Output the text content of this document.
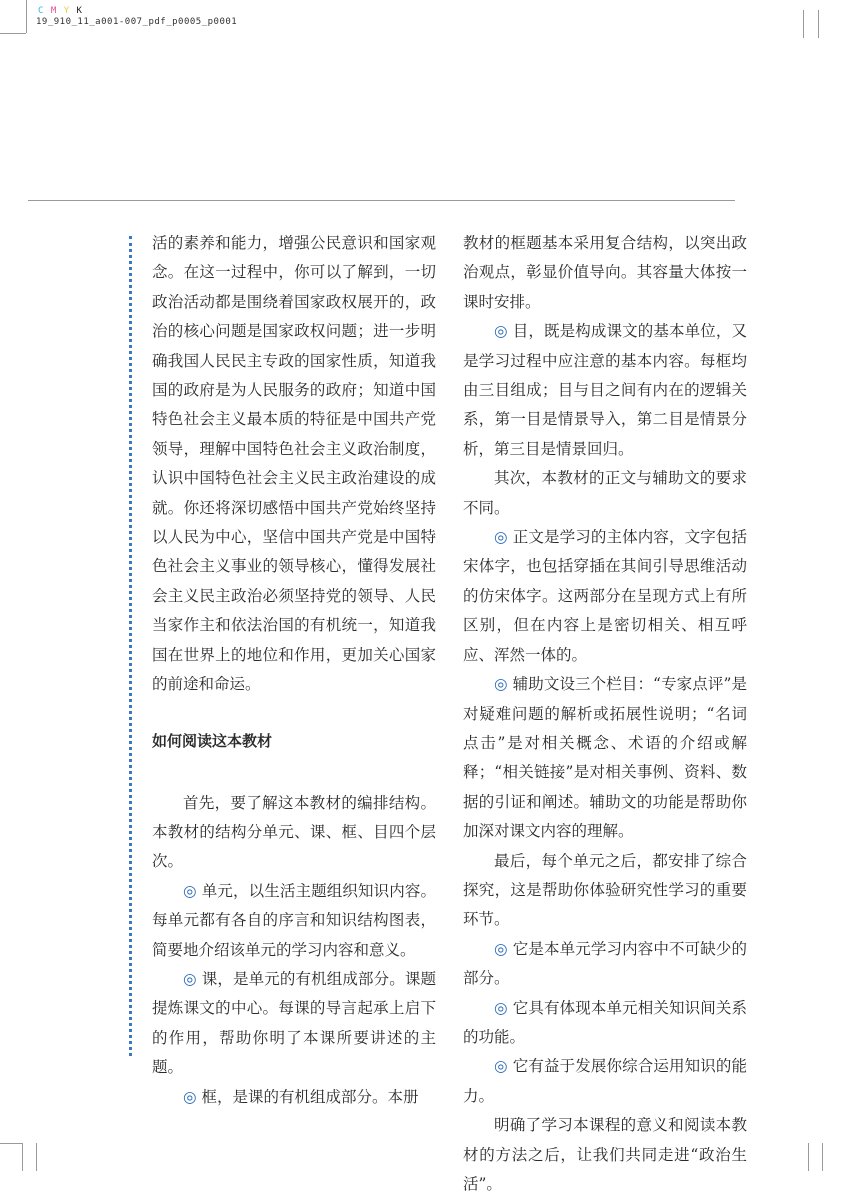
C M Y K
19_910_11_a001-007_pdf_p0005_p0001

活的素养和能力，增强公民意识和国家观念。在这一过程中，你可以了解到，一切政治活动都是围绕着国家政权展开的，政治的核心问题是国家政权问题；进一步明确我国人民民主专政的国家性质，知道我国的政府是为人民服务的政府；知道中国特色社会主义最本质的特征是中国共产党领导，理解中国特色社会主义政治制度，认识中国特色社会主义民主政治建设的成就。你还将深切感悟中国共产党始终坚持以人民为中心，坚信中国共产党是中国特色社会主义事业的领导核心，懂得发展社会主义民主政治必须坚持党的领导、人民当家作主和依法治国的有机统一，知道我国在世界上的地位和作用，更加关心国家的前途和命运。

如何阅读这本教材

首先，要了解这本教材的编排结构。本教材的结构分单元、课、框、目四个层次。

◎ 单元，以生活主题组织知识内容。每单元都有各自的序言和知识结构图表，简要地介绍该单元的学习内容和意义。

◎ 课，是单元的有机组成部分。课题提炼课文的中心。每课的导言起承上启下的作用，帮助你明了本课所要讲述的主题。

◎ 框，是课的有机组成部分。本册

教材的框题基本采用复合结构，以突出政治观点，彰显价值导向。其容量大体按一课时安排。

◎ 目，既是构成课文的基本单位，又是学习过程中应注意的基本内容。每框均由三目组成；目与目之间有内在的逻辑关系，第一目是情景导入，第二目是情景分析，第三目是情景回归。

其次，本教材的正文与辅助文的要求不同。

◎ 正文是学习的主体内容，文字包括宋体字，也包括穿插在其间引导思维活动的仿宋体字。这两部分在呈现方式上有所区别，但在内容上是密切相关、相互呼应、浑然一体的。

◎ 辅助文设三个栏目：“专家点评”是对疑难问题的解析或拓展性说明；“名词点击”是对相关概念、术语的介绍或解释；“相关链接”是对相关事例、资料、数据的引证和阐述。辅助文的功能是帮助你加深对课文内容的理解。

最后，每个单元之后，都安排了综合探究，这是帮助你体验研究性学习的重要环节。

◎ 它是本单元学习内容中不可缺少的部分。

◎ 它具有体现本单元相关知识间关系的功能。

◎ 它有益于发展你综合运用知识的能力。

明确了学习本课程的意义和阅读本教材的方法之后，让我们共同走进“政治生活”。
